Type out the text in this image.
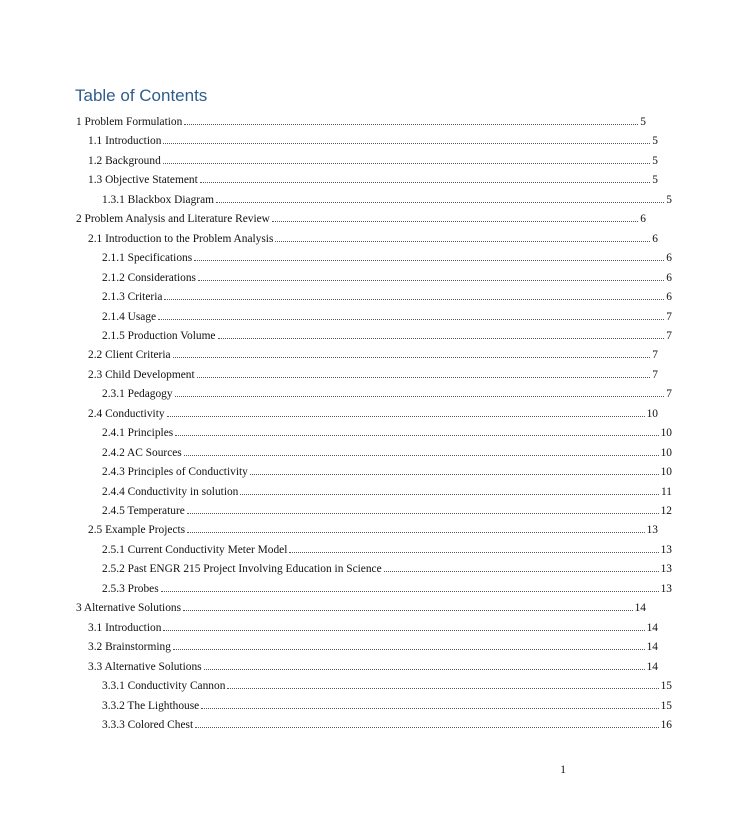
Table of Contents
1 Problem Formulation	5
1.1 Introduction	5
1.2 Background	5
1.3 Objective Statement	5
1.3.1 Blackbox Diagram	5
2 Problem Analysis and Literature Review	6
2.1 Introduction to the Problem Analysis	6
2.1.1 Specifications	6
2.1.2 Considerations	6
2.1.3 Criteria	6
2.1.4 Usage	7
2.1.5 Production Volume	7
2.2 Client Criteria	7
2.3 Child Development	7
2.3.1 Pedagogy	7
2.4 Conductivity	10
2.4.1 Principles	10
2.4.2 AC Sources	10
2.4.3 Principles of Conductivity	10
2.4.4 Conductivity in solution	11
2.4.5 Temperature	12
2.5 Example Projects	13
2.5.1 Current Conductivity Meter Model	13
2.5.2 Past ENGR 215 Project Involving Education in Science	13
2.5.3 Probes	13
3 Alternative Solutions	14
3.1 Introduction	14
3.2 Brainstorming	14
3.3 Alternative Solutions	14
3.3.1 Conductivity Cannon	15
3.3.2 The Lighthouse	15
3.3.3 Colored Chest	16
1
